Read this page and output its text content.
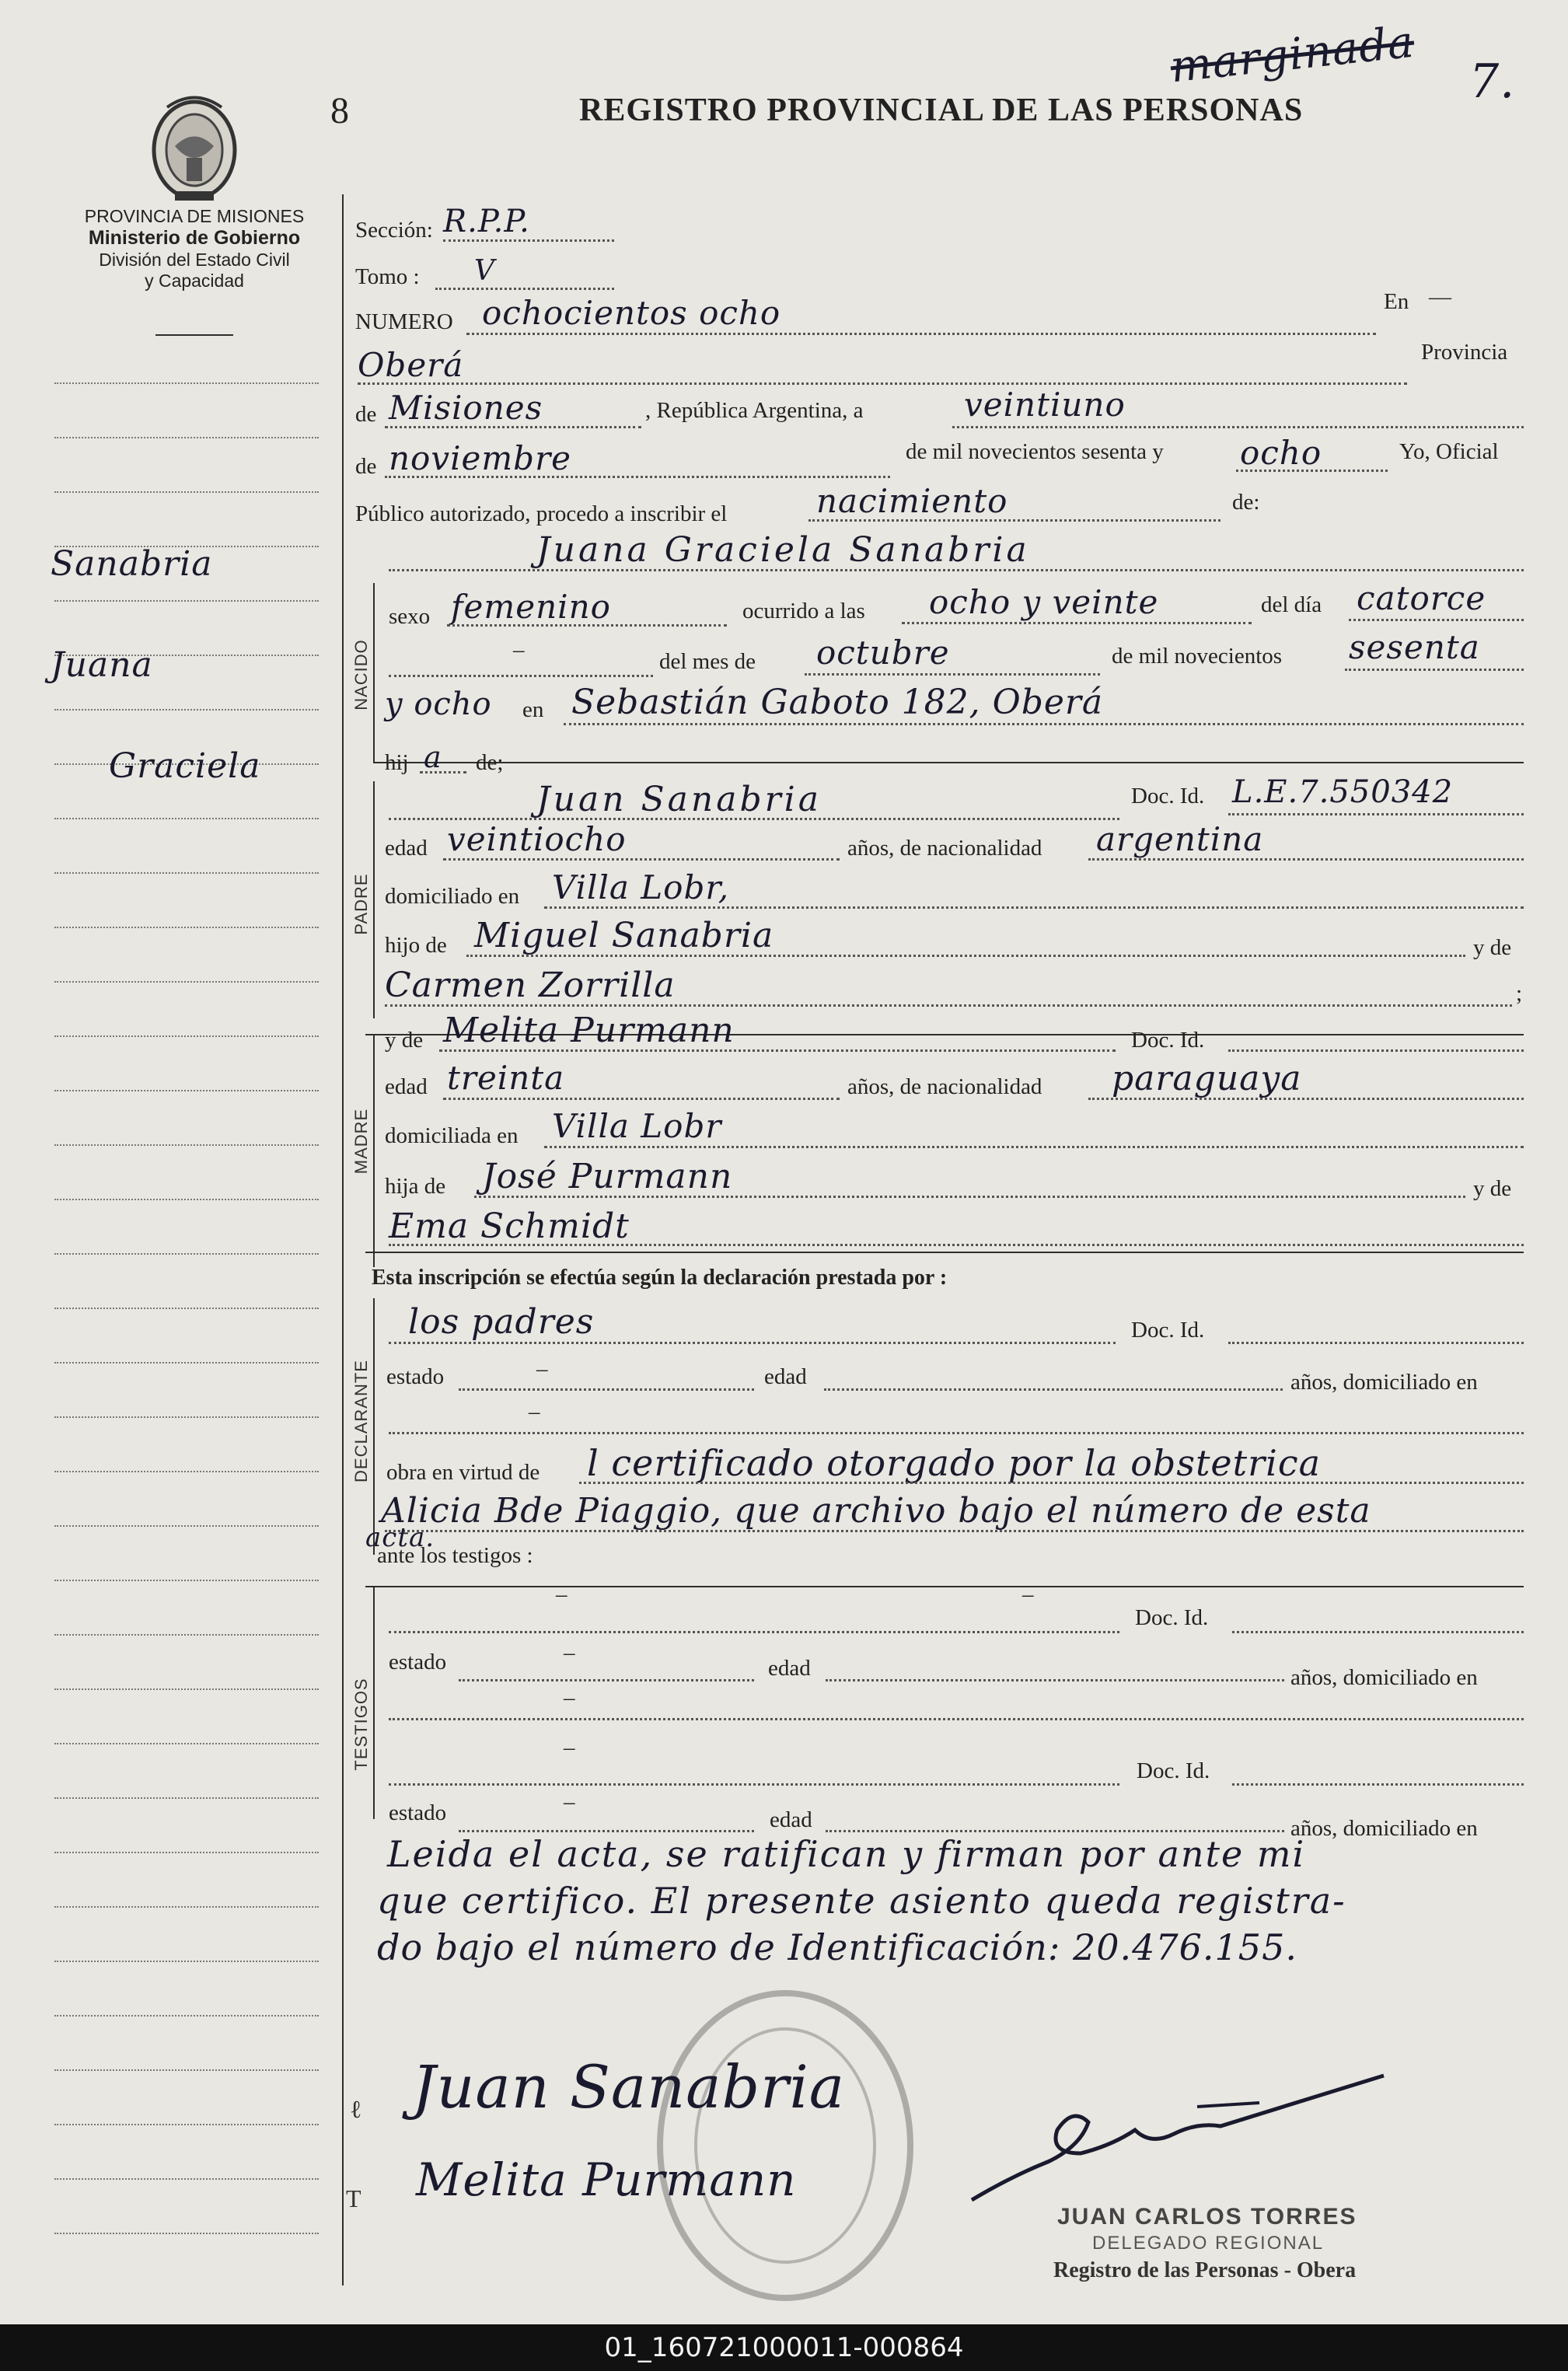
8	REGISTRO PROVINCIAL DE LAS PERSONAS
marginada 7.
PROVINCIA DE MISIONES
Ministerio de Gobierno
División del Estado Civil
y Capacidad
Sanabria
Juana
Graciela
NACIDO
PADRE
MADRE
DECLARANTE
TESTIGOS
Sección: R.P.P.
Tomo : V
NUMERO ochocientos ocho	En —
Oberá	Provincia
de Misiones	, República Argentina, a	veintiuno
de noviembre	de mil novecientos sesenta y ocho	Yo, Oficial
Público autorizado, procedo a inscribir el	nacimiento	de:
Juana Graciela Sanabria
sexo femenino	ocurrido a las ocho y veinte	del día catorce
–	del mes de octubre	de mil novecientos sesenta
y ocho en Sebastián Gaboto 182, Oberá
hij a de;
Juan Sanabria	Doc. Id. L.E.7.550342
edad veintiocho	años, de nacionalidad argentina
domiciliado en Villa Lobr,
hijo de Miguel Sanabria	y de
Carmen Zorrilla	;
y de Melita Purmann	Doc. Id.
edad treinta	años, de nacionalidad paraguaya
domiciliada en Villa Lobr
hija de José Purmann	y de
Ema Schmidt
Esta inscripción se efectúa según la declaración prestada por :
los padres	Doc. Id.
estado	–	edad	años, domiciliado en
–
obra en virtud de l certificado otorgado por la obstetrica
Alicia Bde Piaggio, que archivo bajo el número de esta
acta.
ante los testigos :
–	–
Doc. Id.
estado	–
edad	años, domiciliado en
–
–
Doc. Id.
estado	–
edad	años, domiciliado en
Leida el acta, se ratifican y firman por ante mi
que certifico. El presente asiento queda registra-
do bajo el número de Identificación: 20.476.155.
ℓ Juan Sanabria
T Melita Purmann
JUAN CARLOS TORRES
DELEGADO REGIONAL
Registro de las Personas - Obera
01_160721000011-000864
